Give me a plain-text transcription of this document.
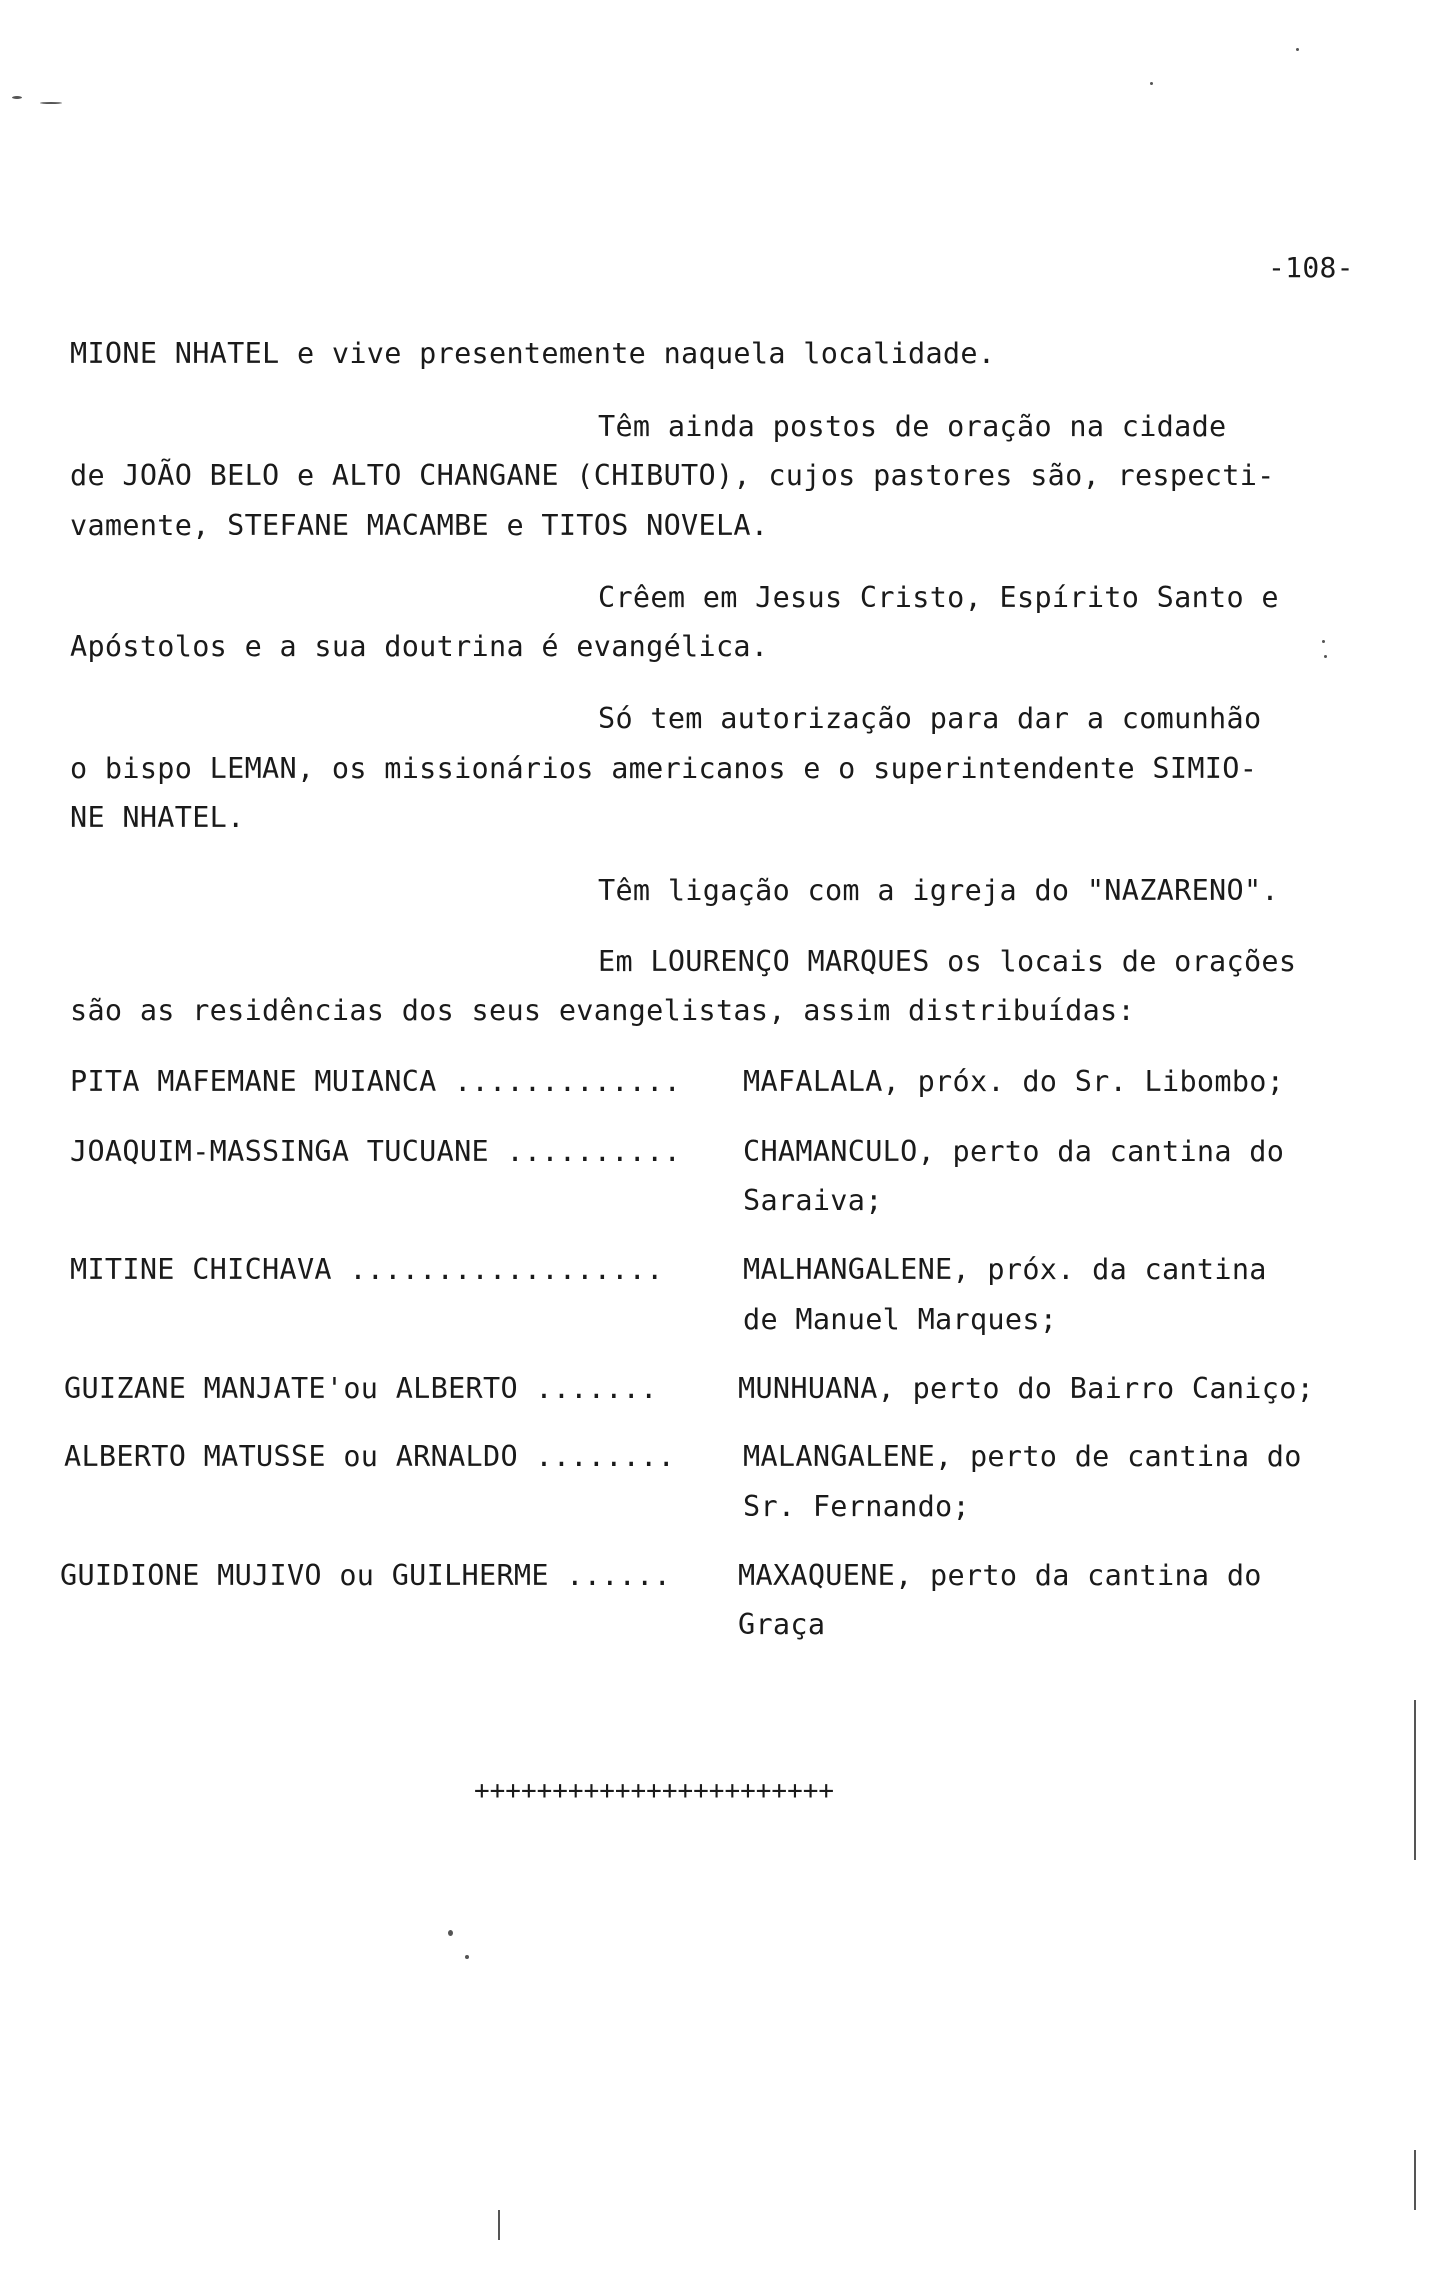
-108-
MIONE NHATEL e vive presentemente naquela localidade.
Têm ainda postos de oração na cidade
de JOÃO BELO e ALTO CHANGANE (CHIBUTO), cujos pastores são, respecti-
vamente, STEFANE MACAMBE e TITOS NOVELA.
Crêem em Jesus Cristo, Espírito Santo e
Apóstolos e a sua doutrina é evangélica.
Só tem autorização para dar a comunhão
o bispo LEMAN, os missionários americanos e o superintendente SIMIO-
NE NHATEL.
Têm ligação com a igreja do "NAZARENO".
Em LOURENÇO MARQUES os locais de orações
são as residências dos seus evangelistas, assim distribuídas:
PITA MAFEMANE MUIANCA ............. MAFALALA, próx. do Sr. Libombo;
JOAQUIM-MASSINGA TUCUANE .......... CHAMANCULO, perto da cantina do
Saraiva;
MITINE CHICHAVA ..................	MALHANGALENE, próx. da cantina
de Manuel Marques;
GUIZANE MANJATE'ou ALBERTO .......	MUNHUANA, perto do Bairro Caniço;
ALBERTO MATUSSE ou ARNALDO ........ MALANGALENE, perto de cantina do
Sr. Fernando;
GUIDIONE MUJIVO ou GUILHERME ...... MAXAQUENE, perto da cantina do
Graça
+++++++++++++++++++++++
